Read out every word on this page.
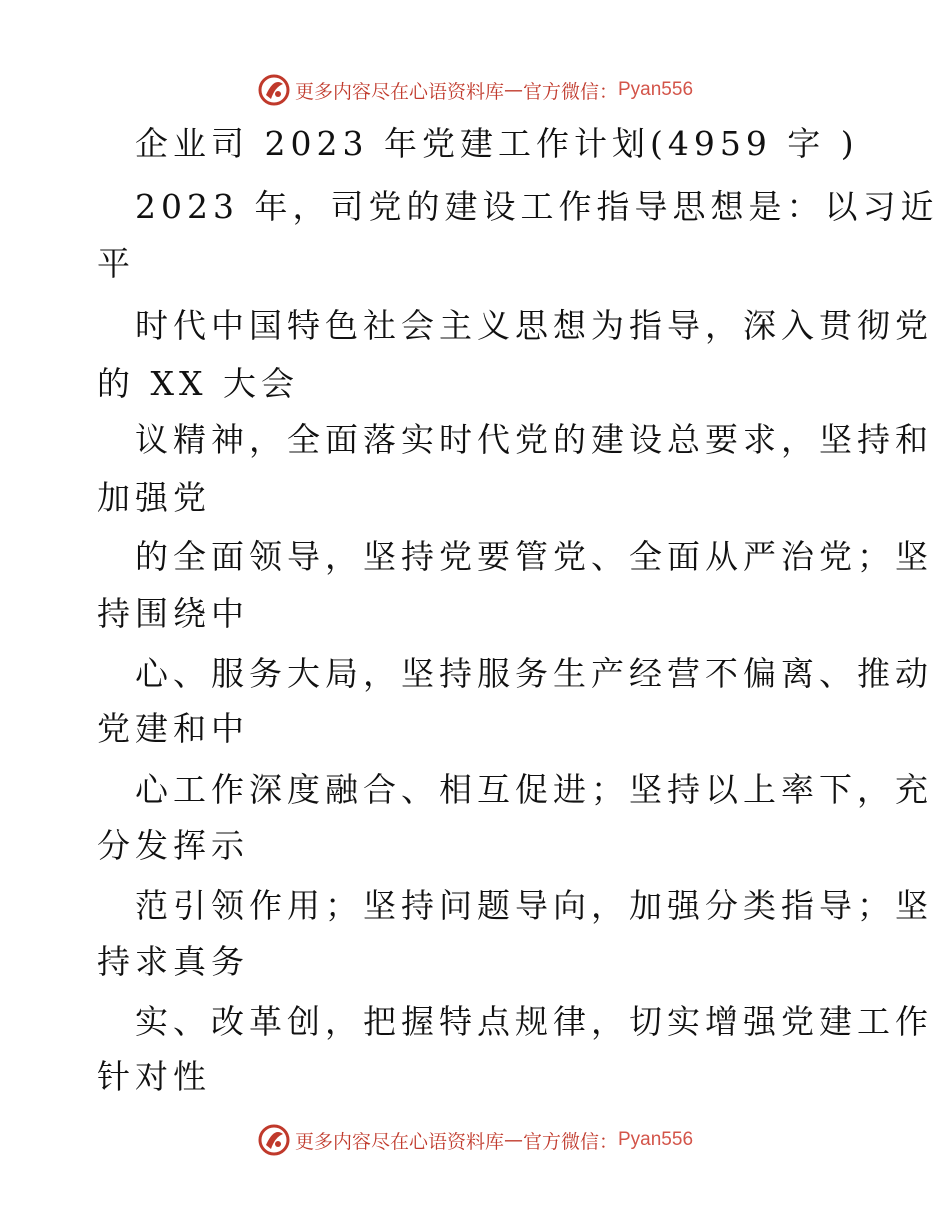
更多内容尽在心语资料库 — 官方微信： Pyan556
企业司 2023 年党建工作计划(4959 字 )
2023 年，司党的建设工作指导思想是：以习近
平
时代中国特色社会主义思想为指导，深入贯彻党
的 XX 大会
议精神，全面落实时代党的建设总要求，坚持和
加强党
的全面领导，坚持党要管党、全面从严治党；坚
持围绕中
心、服务大局，坚持服务生产经营不偏离、推动
党建和中
心工作深度融合、相互促进；坚持以上率下，充
分发挥示
范引领作用；坚持问题导向，加强分类指导；坚
持求真务
实、改革创，把握特点规律，切实增强党建工作
针对性
更多内容尽在心语资料库 — 官方微信： Pyan556
